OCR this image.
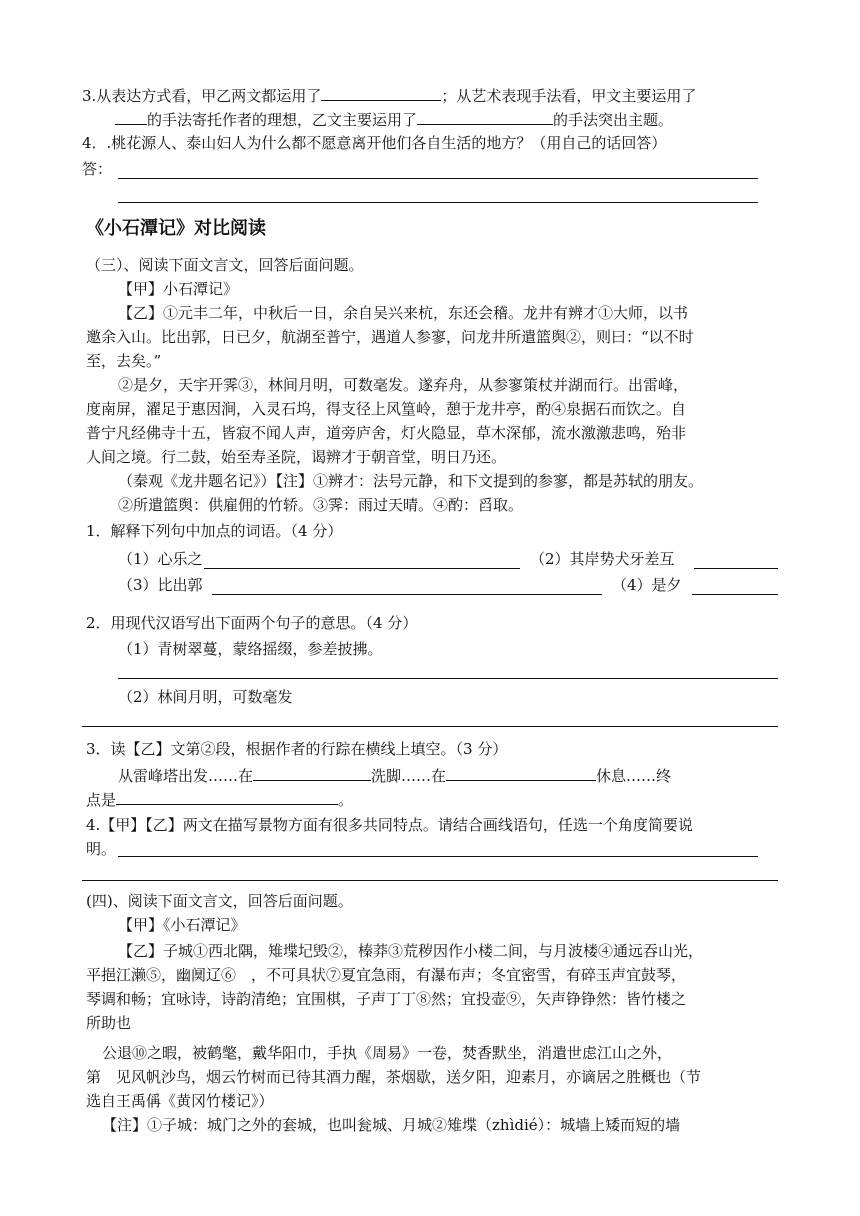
3.从表达方式看，甲乙两文都运用了	；从艺术表现手法看，甲文主要运用了
的手法寄托作者的理想，乙文主要运用了	的手法突出主题。
4．.桃花源人、泰山妇人为什么都不愿意离开他们各自生活的地方？（用自己的话回答）
答：
《小石潭记》对比阅读
（三）、阅读下面文言文，回答后面问题。
【甲】小石潭记》
【乙】①元丰二年，中秋后一日，余自吴兴来杭，东还会稽。龙井有辨才①大师，以书
邀余入山。比出郭，日已夕，航湖至普宁，遇道人参寥，问龙井所遣篮舆②，则曰：“以不时
至，去矣。”
②是夕，天宇开霁③，林间月明，可数毫发。遂弃舟，从参寥策杖并湖而行。出雷峰，
度南屏，濯足于惠因涧，入灵石坞，得支径上风篁岭，憩于龙井亭，酌④泉据石而饮之。自
普宁凡经佛寺十五，皆寂不闻人声，道旁庐舍，灯火隐显，草木深郁，流水激激悲鸣，殆非
人间之境。行二鼓，始至寿圣院，谒辨才于朝音堂，明日乃还。
（秦观《龙井题名记》）【注】①辨才：法号元静，和下文提到的参寥，都是苏轼的朋友。
②所遣篮舆：供雇佣的竹轿。③霁：雨过天晴。④酌：舀取。
1．解释下列句中加点的词语。（4 分）
（1）心乐之	（2）其岸势犬牙差互
（3）比出郭	（4）是夕
2．用现代汉语写出下面两个句子的意思。（4 分）
（1）青树翠蔓，蒙络摇缀，参差披拂。
（2）林间月明，可数毫发
3．读【乙】文第②段，根据作者的行踪在横线上填空。（3 分）
从雷峰塔出发……在	洗脚……在	休息……终
点是	。
4.【甲】【乙】两文在描写景物方面有很多共同特点。请结合画线语句，任选一个角度简要说
明。
(四)、阅读下面文言文，回答后面问题。
【甲】《小石潭记》
【乙】子城①西北隅，雉堞圮毁②，榛莽③荒秽因作小楼二间，与月波楼④通远吞山光，
平挹江濑⑤，幽阒辽⑥　，不可具状⑦夏宜急雨，有瀑布声；冬宜密雪，有碎玉声宜鼓琴，
琴调和畅；宜咏诗，诗韵清绝；宜围棋，子声丁丁⑧然；宜投壶⑨，矢声铮铮然：皆竹楼之
所助也
公退⑩之暇，被鹤氅，戴华阳巾，手执《周易》一卷，焚香默坐，消遣世虑江山之外，
第　见风帆沙鸟，烟云竹树而已待其酒力醒，茶烟歇，送夕阳，迎素月，亦谪居之胜概也（节
选自王禹偁《黄冈竹楼记》）
【注】①子城：城门之外的套城，也叫瓮城、月城②雉堞（zhìdié）：城墙上矮而短的墙
